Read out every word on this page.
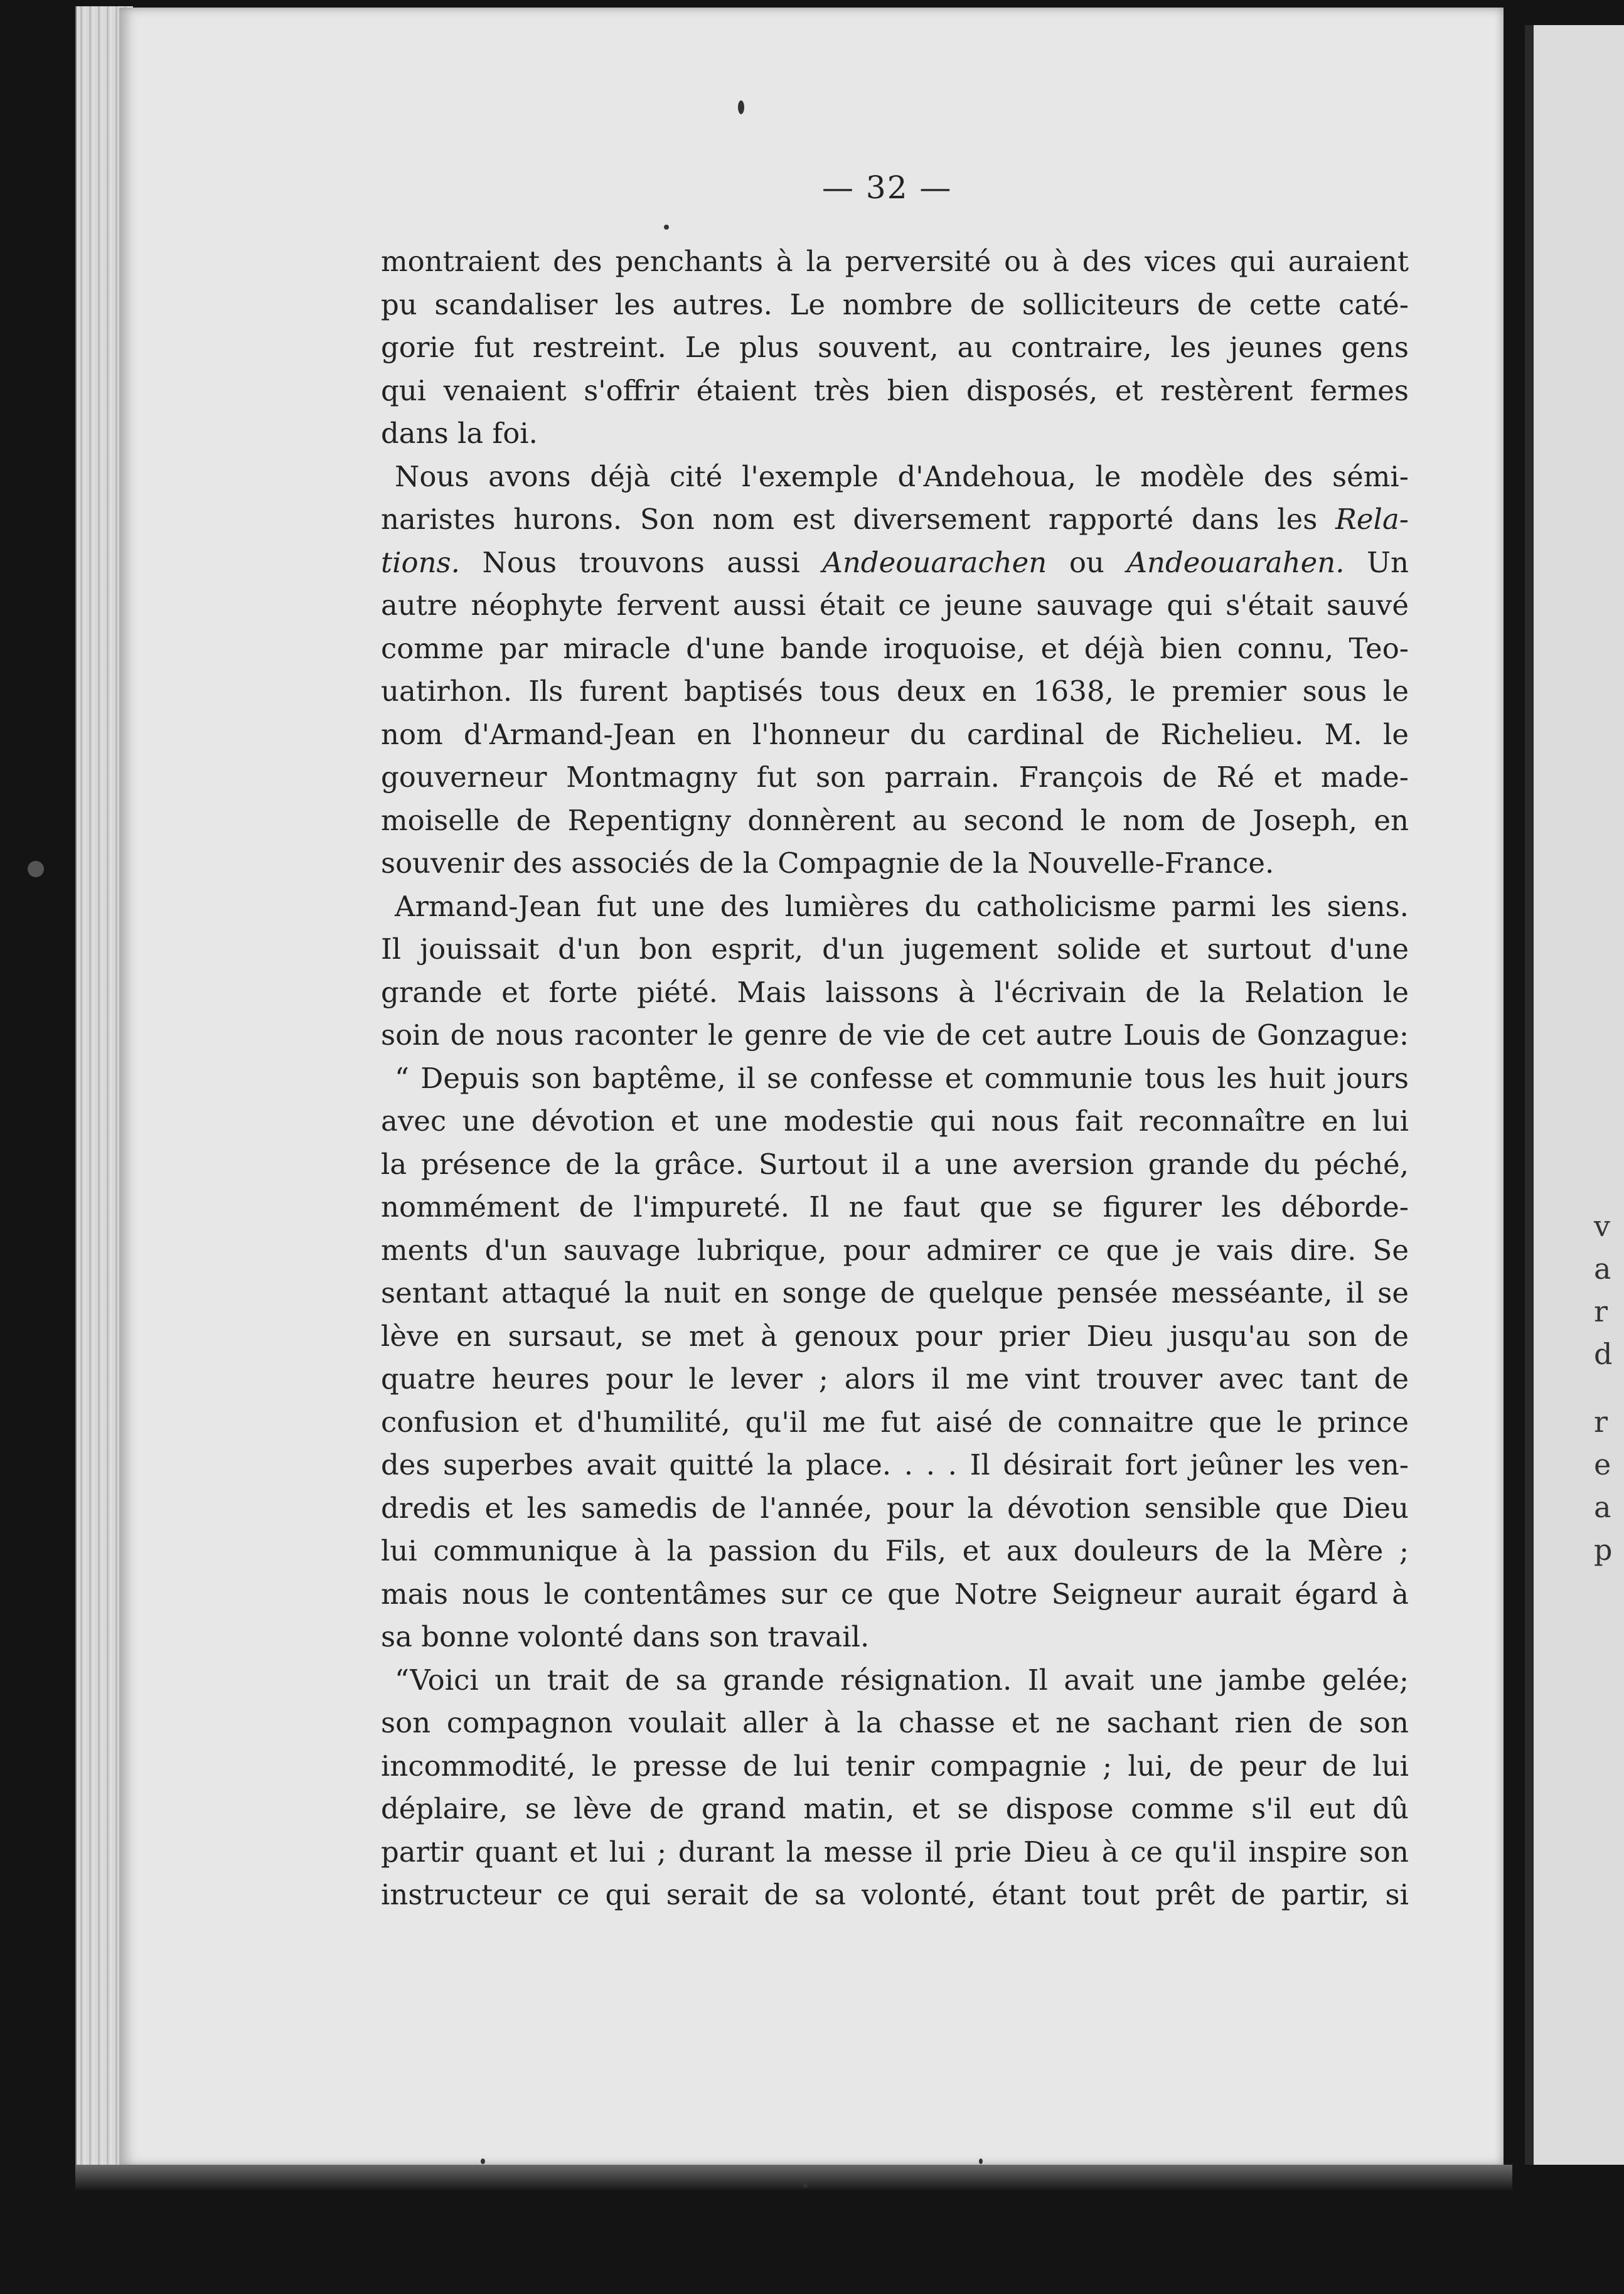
v
a
r
d
r
e
a
p
— 32 —

montraient des penchants à la perversité ou à des vices qui auraient

pu scandaliser les autres. Le nombre de solliciteurs de cette caté-

gorie fut restreint. Le plus souvent, au contraire, les jeunes gens

qui venaient s'offrir étaient très bien disposés, et restèrent fermes

dans la foi.

Nous avons déjà cité l'exemple d'Andehoua, le modèle des sémi-

naristes hurons. Son nom est diversement rapporté dans les Rela-

tions. Nous trouvons aussi Andeouarachen ou Andeouarahen. Un

autre néophyte fervent aussi était ce jeune sauvage qui s'était sauvé

comme par miracle d'une bande iroquoise, et déjà bien connu, Teo-

uatirhon. Ils furent baptisés tous deux en 1638, le premier sous le

nom d'Armand-Jean en l'honneur du cardinal de Richelieu. M. le

gouverneur Montmagny fut son parrain. François de Ré et made-

moiselle de Repentigny donnèrent au second le nom de Joseph, en

souvenir des associés de la Compagnie de la Nouvelle-France.

Armand-Jean fut une des lumières du catholicisme parmi les siens.

Il jouissait d'un bon esprit, d'un jugement solide et surtout d'une

grande et forte piété. Mais laissons à l'écrivain de la Relation le

soin de nous raconter le genre de vie de cet autre Louis de Gonzague:

“ Depuis son baptême, il se confesse et communie tous les huit jours

avec une dévotion et une modestie qui nous fait reconnaître en lui

la présence de la grâce. Surtout il a une aversion grande du péché,

nommément de l'impureté. Il ne faut que se figurer les déborde-

ments d'un sauvage lubrique, pour admirer ce que je vais dire. Se

sentant attaqué la nuit en songe de quelque pensée messéante, il se

lève en sursaut, se met à genoux pour prier Dieu jusqu'au son de

quatre heures pour le lever ; alors il me vint trouver avec tant de

confusion et d'humilité, qu'il me fut aisé de connaitre que le prince

des superbes avait quitté la place. . . . Il désirait fort jeûner les ven-

dredis et les samedis de l'année, pour la dévotion sensible que Dieu

lui communique à la passion du Fils, et aux douleurs de la Mère ;

mais nous le contentâmes sur ce que Notre Seigneur aurait égard à

sa bonne volonté dans son travail.

“Voici un trait de sa grande résignation. Il avait une jambe gelée;

son compagnon voulait aller à la chasse et ne sachant rien de son

incommodité, le presse de lui tenir compagnie ; lui, de peur de lui

déplaire, se lève de grand matin, et se dispose comme s'il eut dû

partir quant et lui ; durant la messe il prie Dieu à ce qu'il inspire son

instructeur ce qui serait de sa volonté, étant tout prêt de partir, si
